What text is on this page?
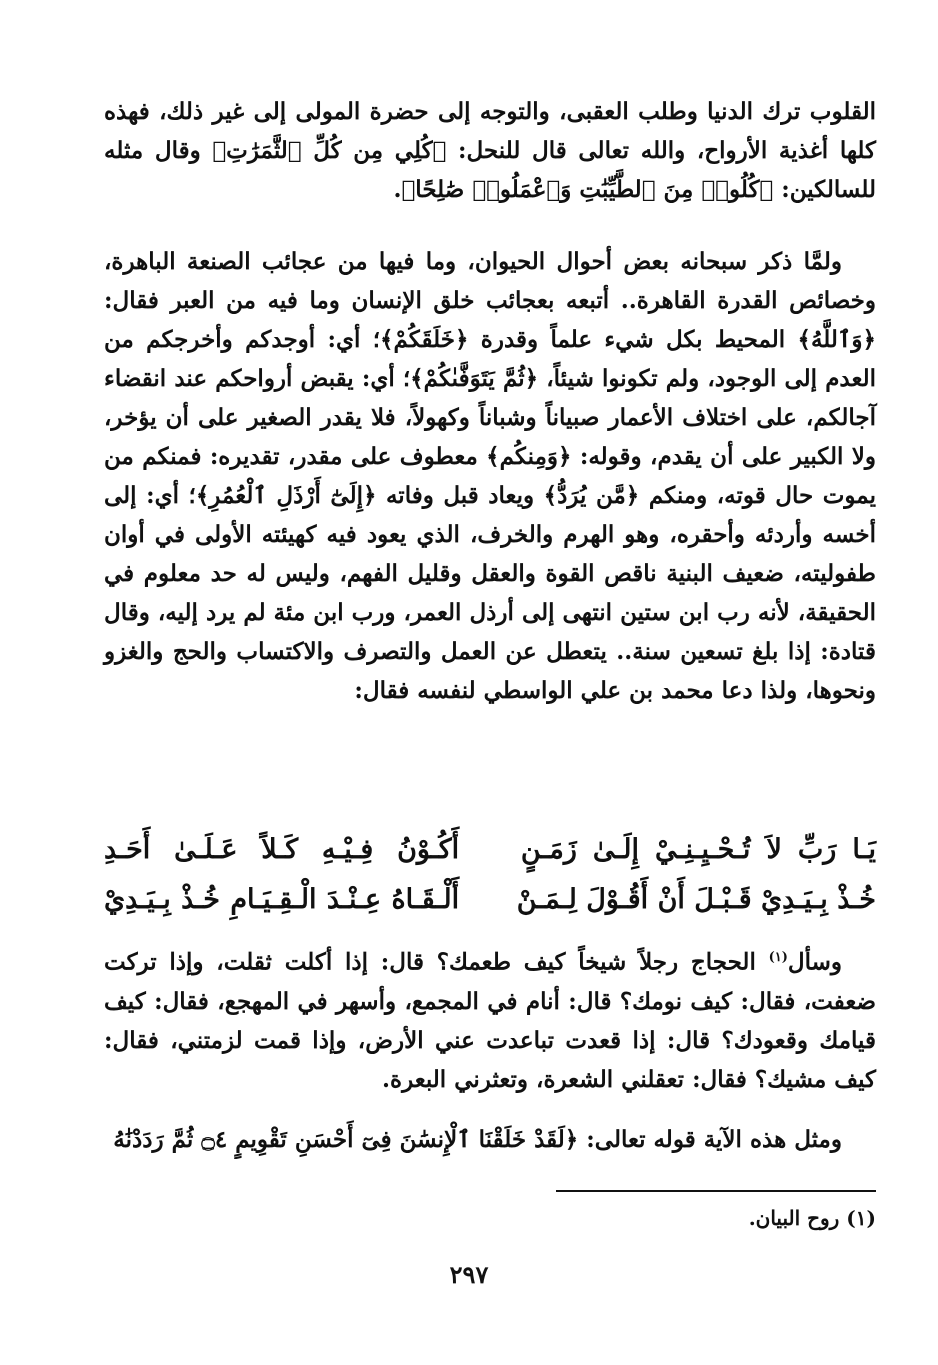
القلوب ترك الدنيا وطلب العقبى، والتوجه إلى حضرة المولى إلى غير ذلك، فهذه كلها أغذية الأرواح، والله تعالى قال للنحل: ﴿كُلِي مِن كُلِّ ٱلثَّمَرَٰتِ﴾ وقال مثله للسالكين: ﴿كُلُوا۟ مِنَ ٱلطَّيِّبَٰتِ وَٱعْمَلُوا۟ صَٰلِحًا﴾.

ولمَّا ذكر سبحانه بعض أحوال الحيوان، وما فيها من عجائب الصنعة الباهرة، وخصائص القدرة القاهرة.. أتبعه بعجائب خلق الإنسان وما فيه من العبر فقال: ﴿وَٱللَّهُ﴾ المحيط بكل شيء علماً وقدرة ﴿خَلَقَكُمْ﴾؛ أي: أوجدكم وأخرجكم من العدم إلى الوجود، ولم تكونوا شيئاً، ﴿ثُمَّ يَتَوَفَّىٰكُمْ﴾؛ أي: يقبض أرواحكم عند انقضاء آجالكم، على اختلاف الأعمار صبياناً وشباناً وكهولاً، فلا يقدر الصغير على أن يؤخر، ولا الكبير على أن يقدم، وقوله: ﴿وَمِنكُم﴾ معطوف على مقدر، تقديره: فمنكم من يموت حال قوته، ومنكم ﴿مَّن يُرَدُّ﴾ ويعاد قبل وفاته ﴿إِلَىٰٓ أَرْذَلِ ٱلْعُمُرِ﴾؛ أي: إلى أخسه وأردئه وأحقره، وهو الهرم والخرف، الذي يعود فيه كهيئته الأولى في أوان طفوليته، ضعيف البنية ناقص القوة والعقل وقليل الفهم، وليس له حد معلوم في الحقيقة، لأنه رب ابن ستين انتهى إلى أرذل العمر، ورب ابن مئة لم يرد إليه، وقال قتادة: إذا بلغ تسعين سنة.. يتعطل عن العمل والتصرف والاكتساب والحج والغزو ونحوها، ولذا دعا محمد بن علي الواسطي لنفسه فقال:

يَـا رَبِّ لاَ تُـحْـيِـنِـيْ إِلَـىٰ زَمَـنٍ
أَكُـوْنُ فِـيْـهِ كَـلاً عَـلَـىٰ أَحَـدِ
خُـذْ بِـيَـدِيْ قَـبْـلَ أَنْ أَقُـوْلَ لِـمَـنْ
أَلْـقَـاهُ عِـنْـدَ الْـقِـيَـامِ خُـذْ بِـيَـدِيْ

وسأل$^{(١)}$ الحجاج رجلاً شيخاً كيف طعمك؟ قال: إذا أكلت ثقلت، وإذا تركت ضعفت، فقال: كيف نومك؟ قال: أنام في المجمع، وأسهر في المهجع، فقال: كيف قيامك وقعودك؟ قال: إذا قعدت تباعدت عني الأرض، وإذا قمت لزمتني، فقال: كيف مشيك؟ فقال: تعقلني الشعرة، وتعثرني البعرة.

ومثل هذه الآية قوله تعالى: ﴿لَقَدْ خَلَقْنَا ٱلْإِنسَٰنَ فِىٓ أَحْسَنِ تَقْوِيمٍ ۝٤ ثُمَّ رَدَدْنَٰهُ

(١) روح البيان.
٢٩٧
